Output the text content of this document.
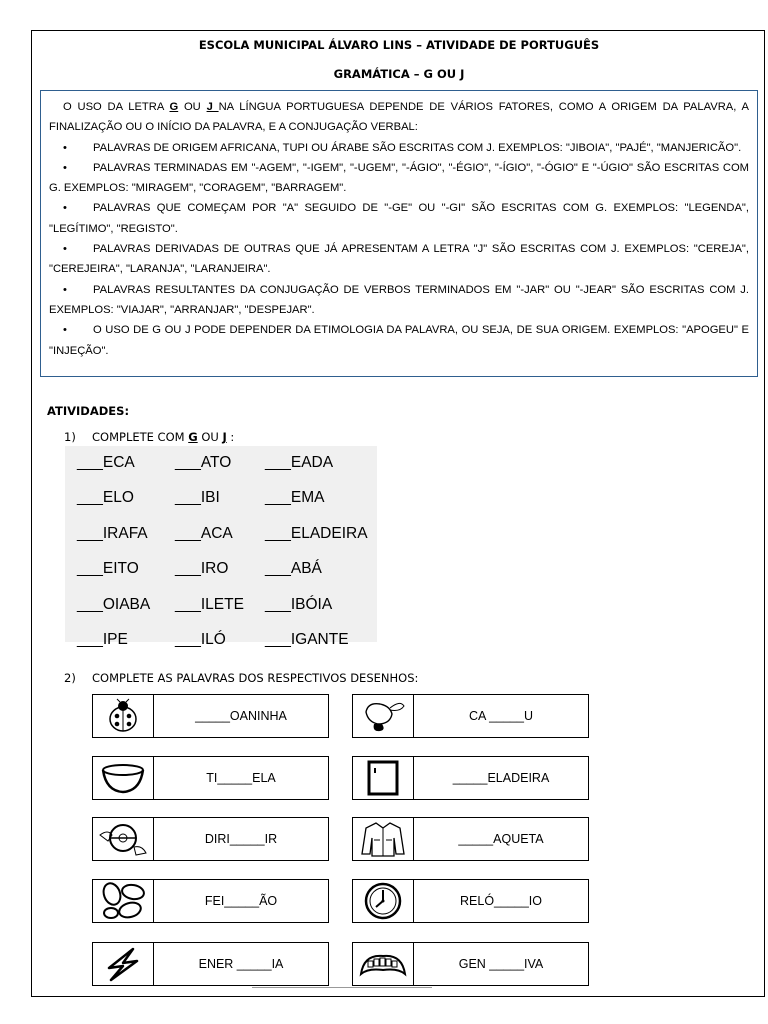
ESCOLA MUNICIPAL ÁLVARO LINS – ATIVIDADE DE PORTUGUÊS
GRAMÁTICA – G OU J

O USO DA LETRA G OU J NA LÍNGUA PORTUGUESA DEPENDE DE VÁRIOS FATORES, COMO A ORIGEM DA PALAVRA, A FINALIZAÇÃO OU O INÍCIO DA PALAVRA, E A CONJUGAÇÃO VERBAL:

• PALAVRAS DE ORIGEM AFRICANA, TUPI OU ÁRABE SÃO ESCRITAS COM J. EXEMPLOS: "JIBOIA", "PAJÉ", "MANJERICÃO".

• PALAVRAS TERMINADAS EM "-AGEM", "-IGEM", "-UGEM", "-ÁGIO", "-ÉGIO", "-ÍGIO", "-ÓGIO" E "-ÚGIO" SÃO ESCRITAS COM G. EXEMPLOS: "MIRAGEM", "CORAGEM", "BARRAGEM".

• PALAVRAS QUE COMEÇAM POR "A" SEGUIDO DE "-GE" OU "-GI" SÃO ESCRITAS COM G. EXEMPLOS: "LEGENDA", "LEGÍTIMO", "REGISTO".

• PALAVRAS DERIVADAS DE OUTRAS QUE JÁ APRESENTAM A LETRA "J" SÃO ESCRITAS COM J. EXEMPLOS: "CEREJA", "CEREJEIRA", "LARANJA", "LARANJEIRA".

• PALAVRAS RESULTANTES DA CONJUGAÇÃO DE VERBOS TERMINADOS EM "-JAR" OU "-JEAR" SÃO ESCRITAS COM J. EXEMPLOS: "VIAJAR", "ARRANJAR", "DESPEJAR".

• O USO DE G OU J PODE DEPENDER DA ETIMOLOGIA DA PALAVRA, OU SEJA, DE SUA ORIGEM. EXEMPLOS: "APOGEU" E "INJEÇÃO".

ATIVIDADES:
1) COMPLETE COM G OU J :
___ECA	___ATO ___EADA
___ELO	___IBI	___EMA
___IRAFA ___ACA ___ELADEIRA
___EITO ___IRO ___ABÁ
___OIABA ___ILETE ___IBÓIA
___IPE	___ILÓ	___IGANTE
2) COMPLETE AS PALAVRAS DOS RESPECTIVOS DESENHOS:
_____OANINHA	CA _____U
TI_____ELA	_____ELADEIRA
DIRI_____IR	_____AQUETA
FEI_____ÃO	RELÓ_____IO
ENER _____IA	GEN _____IVA
